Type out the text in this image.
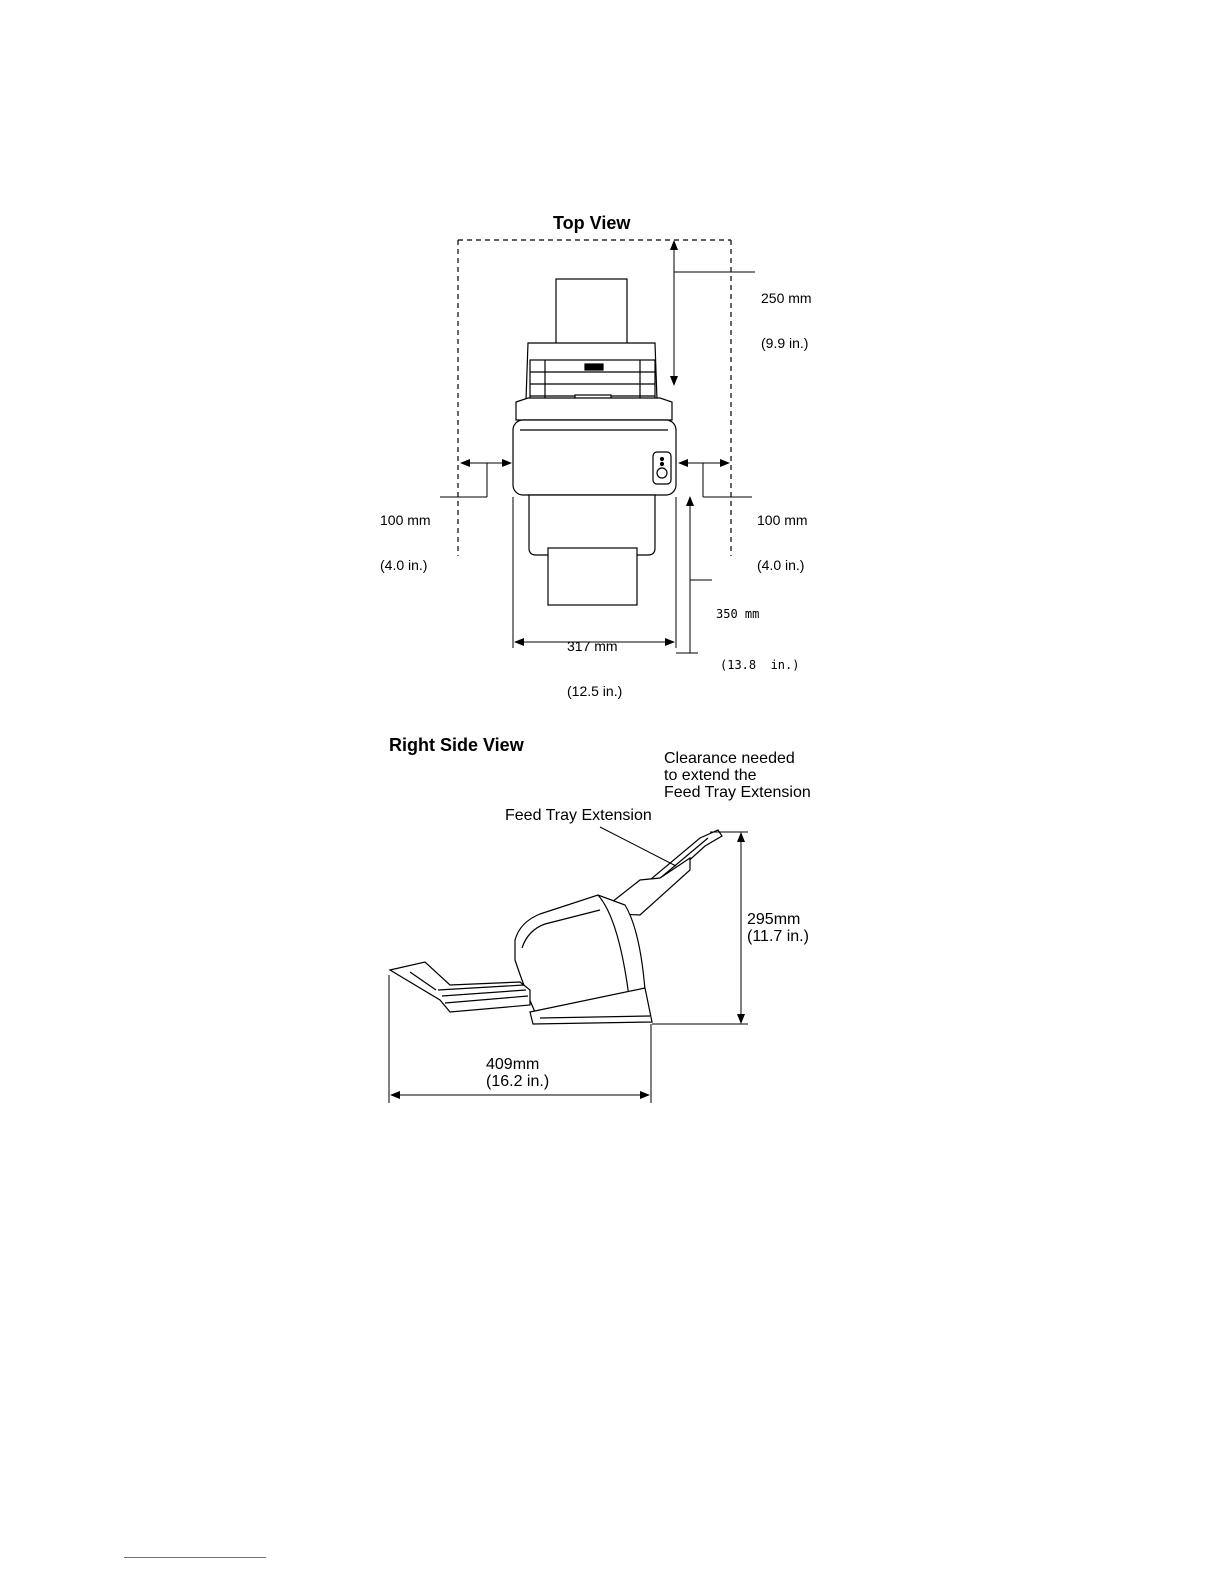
Top View

250 mm

(9.9 in.)

100 mm

(4.0 in.)

100 mm

(4.0 in.)

350 mm

(13.8  in.)

317 mm

(12.5 in.)

Right Side View
Clearance needed
to extend the
Feed Tray Extension
Feed Tray Extension
295mm
(11.7 in.)
409mm
(16.2 in.)
